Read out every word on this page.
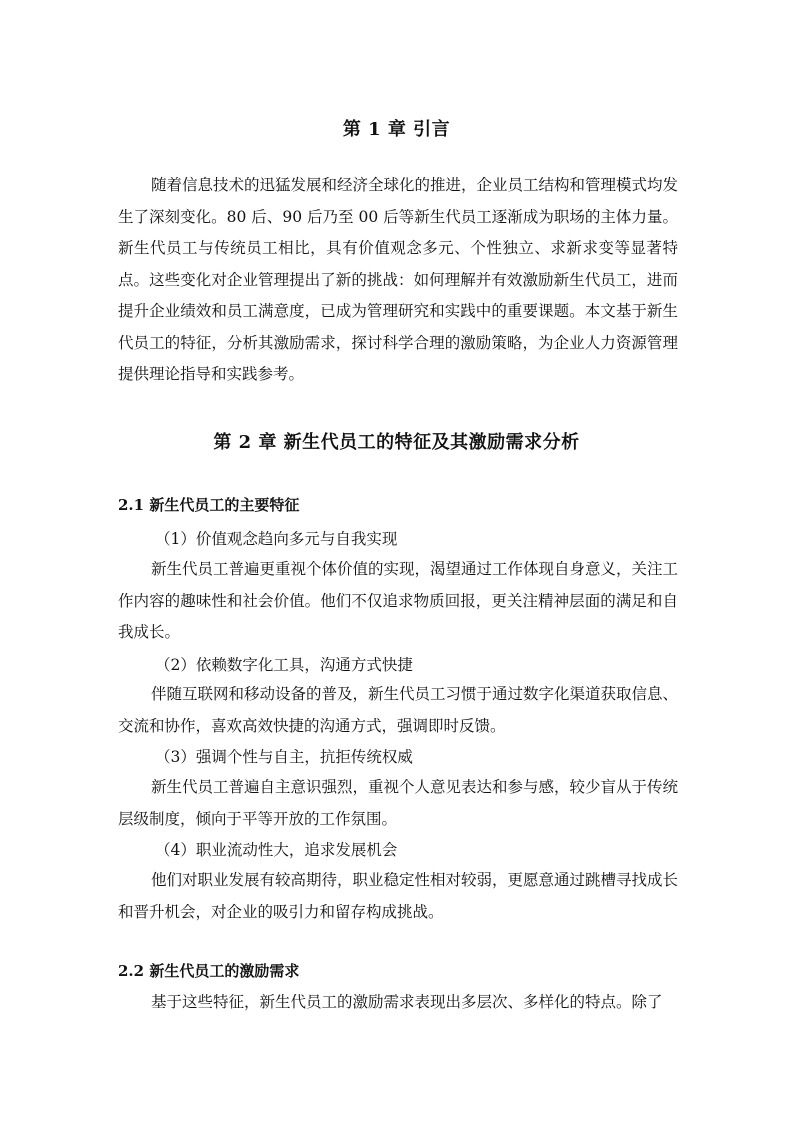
第 1 章 引言

随着信息技术的迅猛发展和经济全球化的推进，企业员工结构和管理模式均发生了深刻变化。80 后、90 后乃至 00 后等新生代员工逐渐成为职场的主体力量。新生代员工与传统员工相比，具有价值观念多元、个性独立、求新求变等显著特点。这些变化对企业管理提出了新的挑战：如何理解并有效激励新生代员工，进而提升企业绩效和员工满意度，已成为管理研究和实践中的重要课题。本文基于新生代员工的特征，分析其激励需求，探讨科学合理的激励策略，为企业人力资源管理提供理论指导和实践参考。

第 2 章 新生代员工的特征及其激励需求分析
2.1 新生代员工的主要特征
（1）价值观念趋向多元与自我实现

新生代员工普遍更重视个体价值的实现，渴望通过工作体现自身意义，关注工作内容的趣味性和社会价值。他们不仅追求物质回报，更关注精神层面的满足和自我成长。

（2）依赖数字化工具，沟通方式快捷

伴随互联网和移动设备的普及，新生代员工习惯于通过数字化渠道获取信息、交流和协作，喜欢高效快捷的沟通方式，强调即时反馈。

（3）强调个性与自主，抗拒传统权威

新生代员工普遍自主意识强烈，重视个人意见表达和参与感，较少盲从于传统层级制度，倾向于平等开放的工作氛围。

（4）职业流动性大，追求发展机会

他们对职业发展有较高期待，职业稳定性相对较弱，更愿意通过跳槽寻找成长和晋升机会，对企业的吸引力和留存构成挑战。

2.2 新生代员工的激励需求

基于这些特征，新生代员工的激励需求表现出多层次、多样化的特点。除了
